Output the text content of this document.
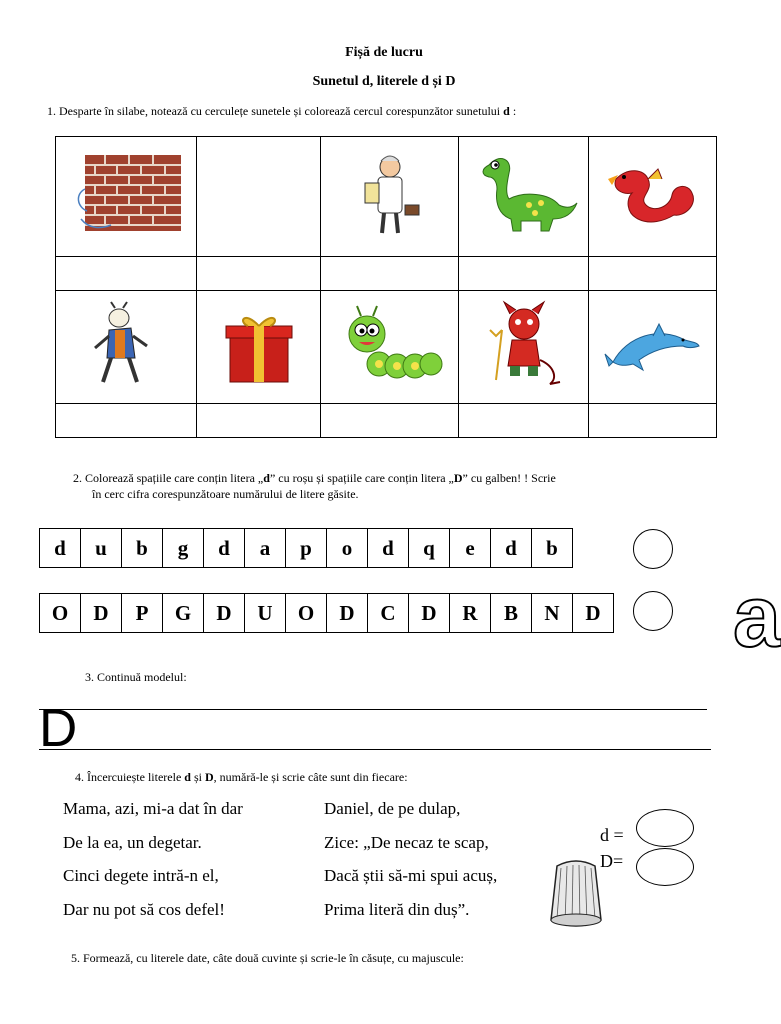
Fișă de lucru
Sunetul d, literele d și D
1. Desparte în silabe, notează cu cerculețe sunetele și colorează cercul corespunzător sunetului d :

2. Colorează spațiile care conțin litera „d” cu roșu și spațiile care conțin litera „D” cu galben! ! Scrie
în cerc cifra corespunzătoare numărului de litere găsite.
d	u	b	g	d	a	p	o	d	q	e	d	b
O	D	P	G	D	U	O	D	C	D	R	B	N	D a
3. Continuă modelul:
D
4. Încercuiește literele d și D, numără-le și scrie câte sunt din fiecare:
Mama, azi, mi-a dat în dar
De la ea, un degetar.
Cinci degete intră-n el,
Dar nu pot să cos defel!
Daniel, de pe dulap,
Zice: „De necaz te scap,
Dacă știi să-mi spui acuș,
Prima literă din duș”.
d =
D=
5. Formează, cu literele date, câte două cuvinte și scrie-le în căsuțe, cu majuscule:
